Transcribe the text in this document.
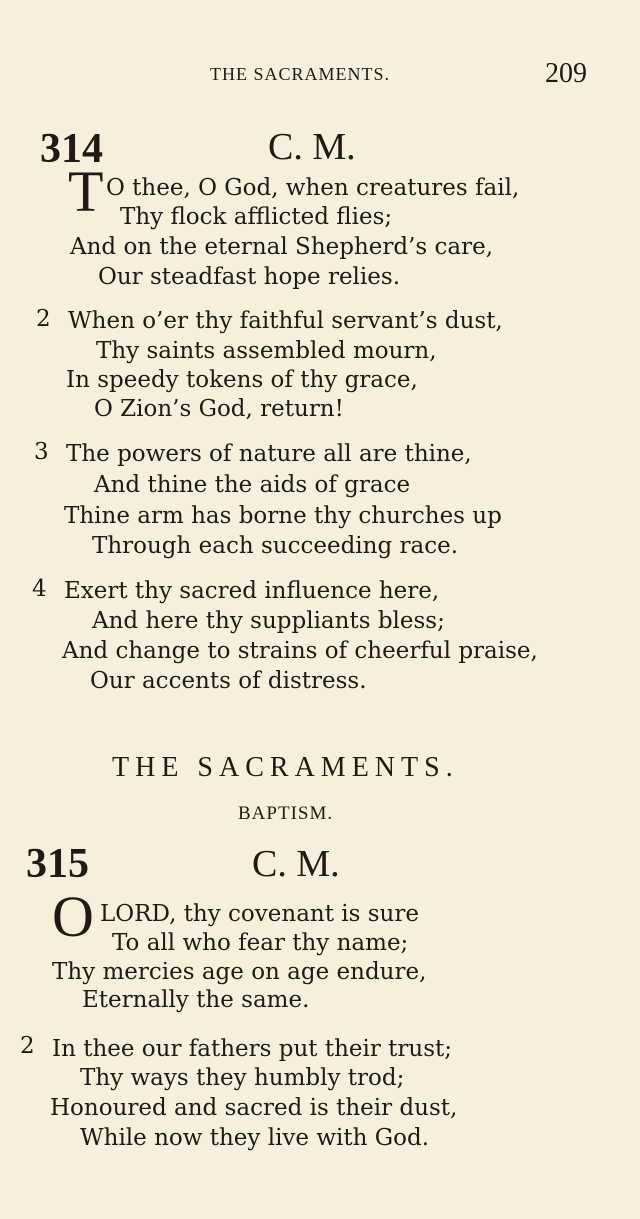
THE SACRAMENTS.	209
314	C. M.
T O thee, O God, when creatures fail,
Thy flock afflicted flies;
And on the eternal Shepherd’s care,
Our steadfast hope relies.
2 When o’er thy faithful servant’s dust,
Thy saints assembled mourn,
In speedy tokens of thy grace,
O Zion’s God, return!
3 The powers of nature all are thine,
And thine the aids of grace
Thine arm has borne thy churches up
Through each succeeding race.
4 Exert thy sacred influence here,
And here thy suppliants bless;
And change to strains of cheerful praise,
Our accents of distress.
THE SACRAMENTS.
BAPTISM.
315	C. M.
O LORD, thy covenant is sure
To all who fear thy name;
Thy mercies age on age endure,
Eternally the same.
2 In thee our fathers put their trust;
Thy ways they humbly trod;
Honoured and sacred is their dust,
While now they live with God.
